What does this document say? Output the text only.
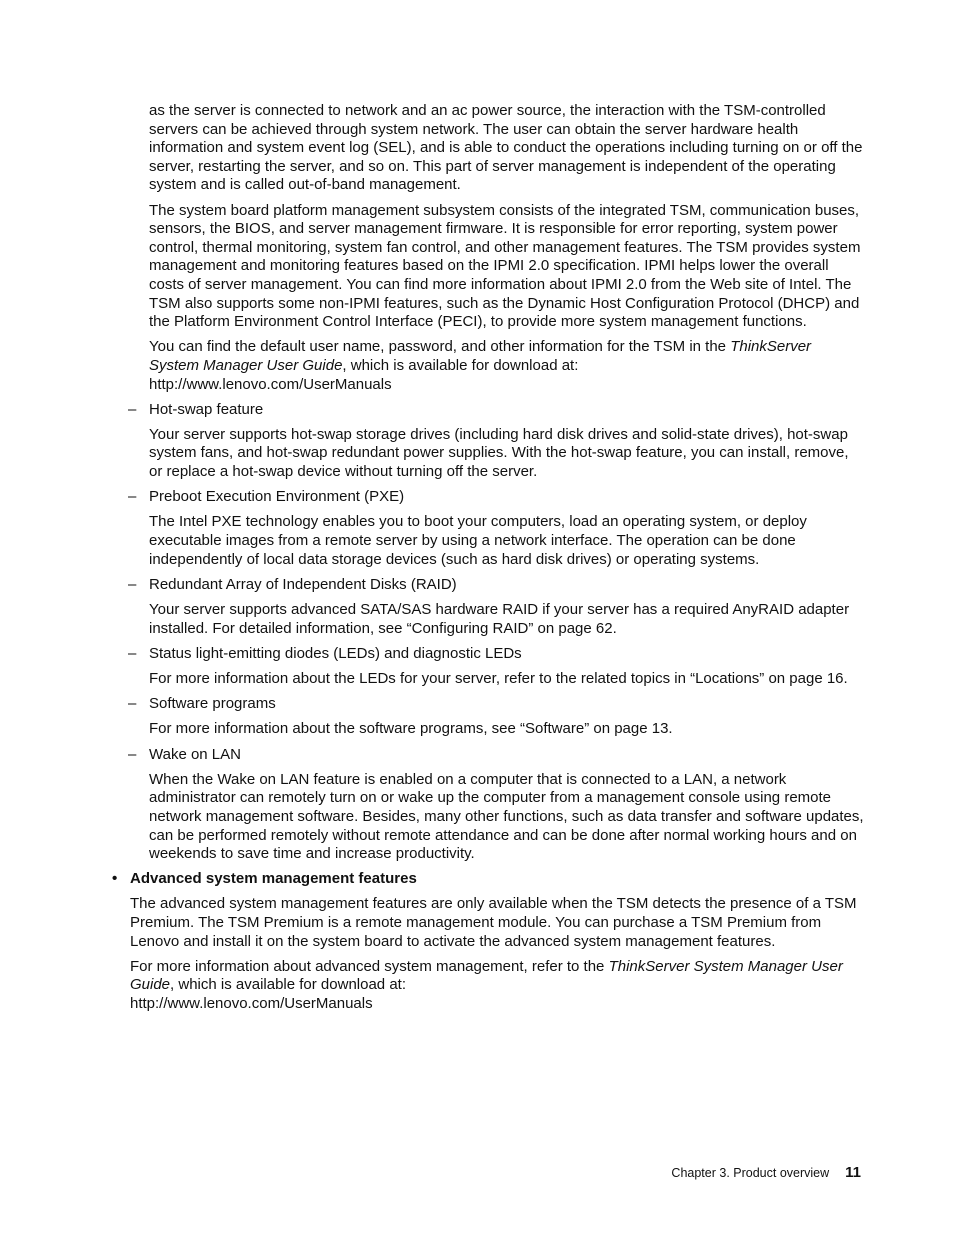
as the server is connected to network and an ac power source, the interaction with the TSM-controlled servers can be achieved through system network. The user can obtain the server hardware health information and system event log (SEL), and is able to conduct the operations including turning on or off the server, restarting the server, and so on. This part of server management is independent of the operating system and is called out-of-band management.

The system board platform management subsystem consists of the integrated TSM, communication buses, sensors, the BIOS, and server management firmware. It is responsible for error reporting, system power control, thermal monitoring, system fan control, and other management features. The TSM provides system management and monitoring features based on the IPMI 2.0 specification. IPMI helps lower the overall costs of server management. You can find more information about IPMI 2.0 from the Web site of Intel. The TSM also supports some non-IPMI features, such as the Dynamic Host Configuration Protocol (DHCP) and the Platform Environment Control Interface (PECI), to provide more system management functions.

You can find the default user name, password, and other information for the TSM in the ThinkServer System Manager User Guide, which is available for download at:
http://www.lenovo.com/UserManuals

– Hot-swap feature

Your server supports hot-swap storage drives (including hard disk drives and solid-state drives), hot-swap system fans, and hot-swap redundant power supplies. With the hot-swap feature, you can install, remove, or replace a hot-swap device without turning off the server.

– Preboot Execution Environment (PXE)

The Intel PXE technology enables you to boot your computers, load an operating system, or deploy executable images from a remote server by using a network interface. The operation can be done independently of local data storage devices (such as hard disk drives) or operating systems.

– Redundant Array of Independent Disks (RAID)

Your server supports advanced SATA/SAS hardware RAID if your server has a required AnyRAID adapter installed. For detailed information, see “Configuring RAID” on page 62.

– Status light-emitting diodes (LEDs) and diagnostic LEDs

For more information about the LEDs for your server, refer to the related topics in “Locations” on page 16.

– Software programs

For more information about the software programs, see “Software” on page 13.

– Wake on LAN

When the Wake on LAN feature is enabled on a computer that is connected to a LAN, a network administrator can remotely turn on or wake up the computer from a management console using remote network management software. Besides, many other functions, such as data transfer and software updates, can be performed remotely without remote attendance and can be done after normal working hours and on weekends to save time and increase productivity.

• Advanced system management features

The advanced system management features are only available when the TSM detects the presence of a TSM Premium. The TSM Premium is a remote management module. You can purchase a TSM Premium from Lenovo and install it on the system board to activate the advanced system management features.

For more information about advanced system management, refer to the ThinkServer System Manager User Guide, which is available for download at:
http://www.lenovo.com/UserManuals

Chapter 3. Product overview 11
